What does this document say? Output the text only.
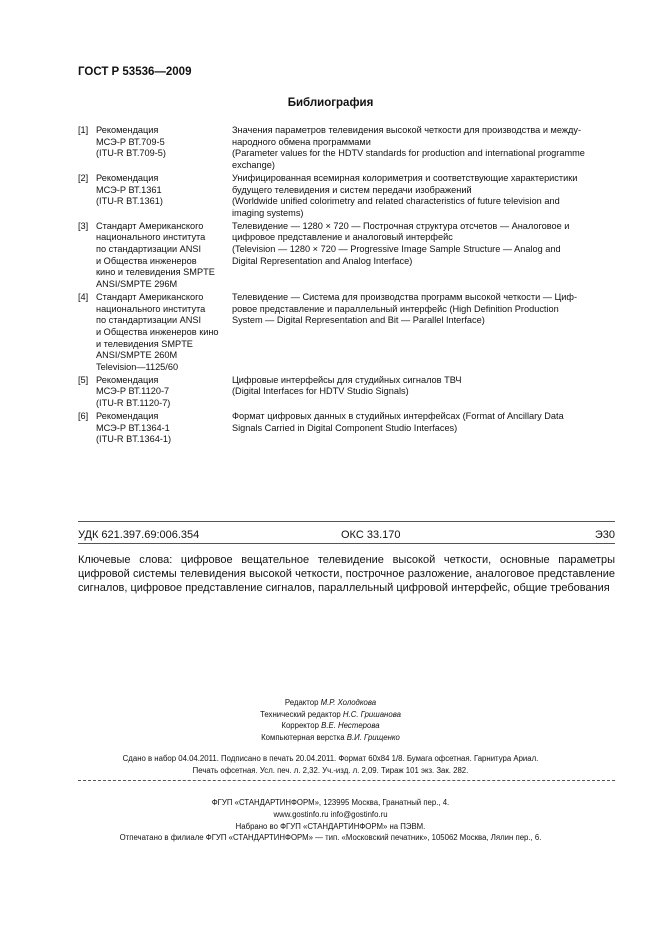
ГОСТ Р 53536—2009
Библиография
[1] Рекомендация
МСЭ-Р ВТ.709-5
(ITU-R BT.709-5)
Значения параметров телевидения высокой четкости для производства и между-
народного обмена программами
(Parameter values for the HDTV standards for production and international programme
exchange)
[2] Рекомендация
МСЭ-Р ВТ.1361
(ITU-R BT.1361)
Унифицированная всемирная колориметрия и соответствующие характеристики
будущего телевидения и систем передачи изображений
(Worldwide unified colorimetry and related characteristics of future television and
imaging systems)
[3] Стандарт Американского
национального института
по стандартизации ANSI
и Общества инженеров
кино и телевидения SMPTE
ANSI/SMPTE 296M
Телевидение — 1280 × 720 — Построчная структура отсчетов — Аналоговое и
цифровое представление и аналоговый интерфейс
(Television — 1280 × 720 — Progressive Image Sample Structure — Analog and
Digital Representation and Analog Interface)
[4] Стандарт Американского
национального института
по стандартизации ANSI
и Общества инженеров кино
и телевидения SMPTE
ANSI/SMPTE 260M
Television—1125/60
Телевидение — Система для производства программ высокой четкости — Циф-
ровое представление и параллельный интерфейс (High Definition Production
System — Digital Representation and Bit — Parallel Interface)
[5] Рекомендация
МСЭ-Р ВТ.1120-7
(ITU-R BT.1120-7)
Цифровые интерфейсы для студийных сигналов ТВЧ
(Digital Interfaces for HDTV Studio Signals)
[6] Рекомендация
МСЭ-Р ВТ.1364-1
(ITU-R BT.1364-1)
Формат цифровых данных в студийных интерфейсах (Format of Ancillary Data
Signals Carried in Digital Component Studio Interfaces)
УДК 621.397.69:006.354	ОКС 33.170	Э30
Ключевые слова: цифровое вещательное телевидение высокой четкости, основные параметры цифровой системы телевидения высокой четкости, построчное разложение, аналоговое представление сигналов, цифровое представление сигналов, параллельный цифровой интерфейс, общие требования
Редактор М.Р. Холодкова
Технический редактор Н.С. Гришанова
Корректор В.Е. Нестерова
Компьютерная верстка В.И. Грищенко
Сдано в набор 04.04.2011. Подписано в печать 20.04.2011. Формат 60х84 1/8. Бумага офсетная. Гарнитура Ариал.
Печать офсетная. Усл. печ. л. 2,32. Уч.-изд. л. 2,09. Тираж 101 экз. Зак. 282.
ФГУП «СТАНДАРТИНФОРМ», 123995 Москва, Гранатный пер., 4.
www.gostinfo.ru info@gostinfo.ru
Набрано во ФГУП «СТАНДАРТИНФОРМ» на ПЭВМ.
Отпечатано в филиале ФГУП «СТАНДАРТИНФОРМ» — тип. «Московский печатник», 105062 Москва, Лялин пер., 6.
